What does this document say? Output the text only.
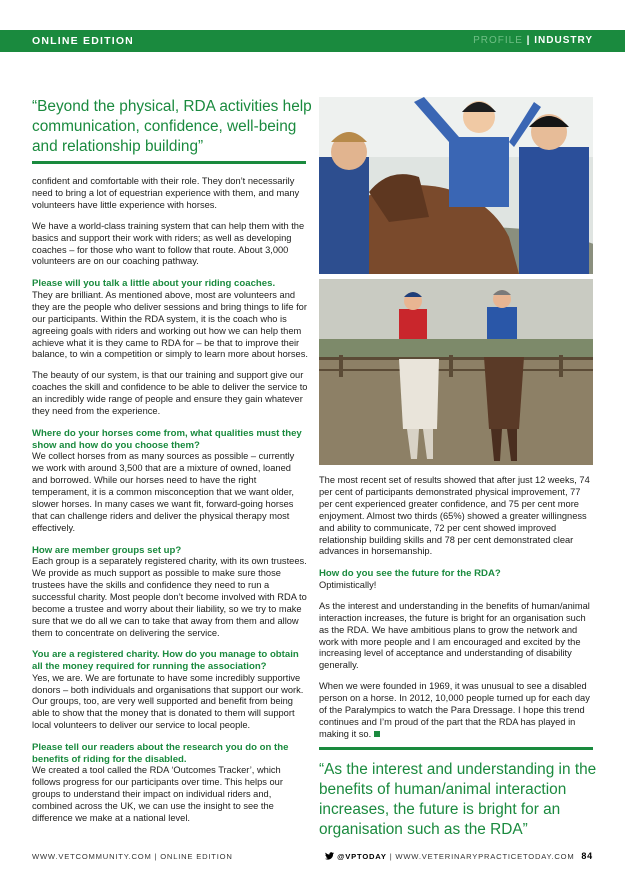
ONLINE EDITION	PROFILE | INDUSTRY
“Beyond the physical, RDA activities help communication, confidence, well-being and relationship building”

confident and comfortable with their role. They don’t necessarily need to bring a lot of equestrian experience with them, and many volunteers have little experience with horses.

We have a world-class training system that can help them with the basics and support their work with riders; as well as developing coaches – for those who want to follow that route. About 3,000 volunteers are on our coaching pathway.

Please will you talk a little about your riding coaches.

They are brilliant. As mentioned above, most are volunteers and they are the people who deliver sessions and bring things to life for our participants. Within the RDA system, it is the coach who is agreeing goals with riders and working out how we can help them achieve what it is they came to RDA for – be that to improve their balance, to win a competition or simply to learn more about horses.

The beauty of our system, is that our training and support give our coaches the skill and confidence to be able to deliver the service to an incredibly wide range of people and ensure they gain whatever they need from the experience.

Where do your horses come from, what qualities must they show and how do you choose them?

We collect horses from as many sources as possible – currently we work with around 3,500 that are a mixture of owned, loaned and borrowed. While our horses need to have the right temperament, it is a common misconception that we want older, slower horses. In many cases we want fit, forward-going horses that can challenge riders and deliver the physical therapy most effectively.

How are member groups set up?

Each group is a separately registered charity, with its own trustees. We provide as much support as possible to make sure those trustees have the skills and confidence they need to run a successful charity. Most people don’t become involved with RDA to become a trustee and worry about their liability, so we try to make sure that we do all we can to take that away from them and allow them to concentrate on delivering the service.

You are a registered charity. How do you manage to obtain all the money required for running the association?

Yes, we are. We are fortunate to have some incredibly supportive donors – both individuals and organisations that support our work. Our groups, too, are very well supported and benefit from being able to show that the money that is donated to them will support local volunteers to deliver our service to local people.

Please tell our readers about the research you do on the benefits of riding for the disabled.

We created a tool called the RDA ‘Outcomes Tracker’, which follows progress for our participants over time. This helps our groups to understand their impact on individual riders and, combined across the UK, we can use the insight to see the difference we make at a national level.

The most recent set of results showed that after just 12 weeks, 74 per cent of participants demonstrated physical improvement, 77 per cent experienced greater confidence, and 75 per cent more enjoyment. Almost two thirds (65%) showed a greater willingness and ability to communicate, 72 per cent showed improved relationship building skills and 78 per cent demonstrated clear advances in horsemanship.

How do you see the future for the RDA?

Optimistically!

As the interest and understanding in the benefits of human/animal interaction increases, the future is bright for an organisation such as the RDA. We have ambitious plans to grow the network and work with more people and I am encouraged and excited by the increasing level of acceptance and understanding of disability generally.

When we were founded in 1969, it was unusual to see a disabled person on a horse. In 2012, 10,000 people turned up for each day of the Paralympics to watch the Para Dressage. I hope this trend continues and I’m proud of the part that the RDA has played in making it so.

“As the interest and understanding in the benefits of human/animal interaction increases, the future is bright for an organisation such as the RDA”
WWW.VETCOMMUNITY.COM | ONLINE EDITION	@VPTODAY | WWW.VETERINARYPRACTICETODAY.COM 84
